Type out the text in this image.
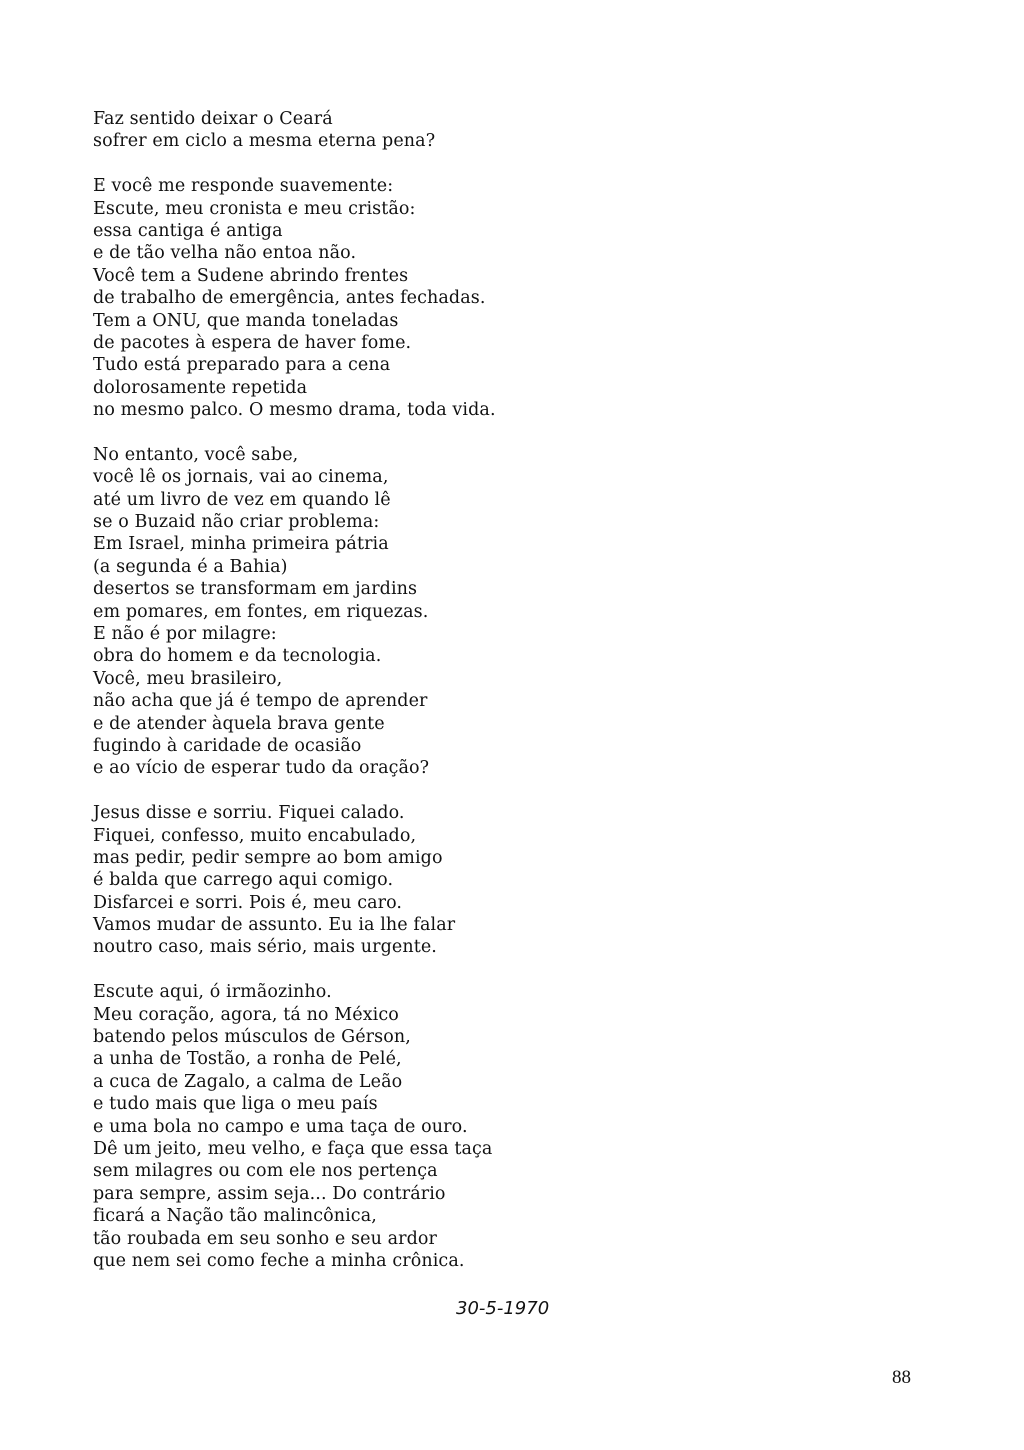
Faz sentido deixar o Ceará
sofrer em ciclo a mesma eterna pena?
E você me responde suavemente:
Escute, meu cronista e meu cristão:
essa cantiga é antiga
e de tão velha não entoa não.
Você tem a Sudene abrindo frentes
de trabalho de emergência, antes fechadas.
Tem a ONU, que manda toneladas
de pacotes à espera de haver fome.
Tudo está preparado para a cena
dolorosamente repetida
no mesmo palco. O mesmo drama, toda vida.
No entanto, você sabe,
você lê os jornais, vai ao cinema,
até um livro de vez em quando lê
se o Buzaid não criar problema:
Em Israel, minha primeira pátria
(a segunda é a Bahia)
desertos se transformam em jardins
em pomares, em fontes, em riquezas.
E não é por milagre:
obra do homem e da tecnologia.
Você, meu brasileiro,
não acha que já é tempo de aprender
e de atender àquela brava gente
fugindo à caridade de ocasião
e ao vício de esperar tudo da oração?
Jesus disse e sorriu. Fiquei calado.
Fiquei, confesso, muito encabulado,
mas pedir, pedir sempre ao bom amigo
é balda que carrego aqui comigo.
Disfarcei e sorri. Pois é, meu caro.
Vamos mudar de assunto. Eu ia lhe falar
noutro caso, mais sério, mais urgente.
Escute aqui, ó irmãozinho.
Meu coração, agora, tá no México
batendo pelos músculos de Gérson,
a unha de Tostão, a ronha de Pelé,
a cuca de Zagalo, a calma de Leão
e tudo mais que liga o meu país
e uma bola no campo e uma taça de ouro.
Dê um jeito, meu velho, e faça que essa taça
sem milagres ou com ele nos pertença
para sempre, assim seja... Do contrário
ficará a Nação tão malincônica,
tão roubada em seu sonho e seu ardor
que nem sei como feche a minha crônica.
30-5-1970
88
